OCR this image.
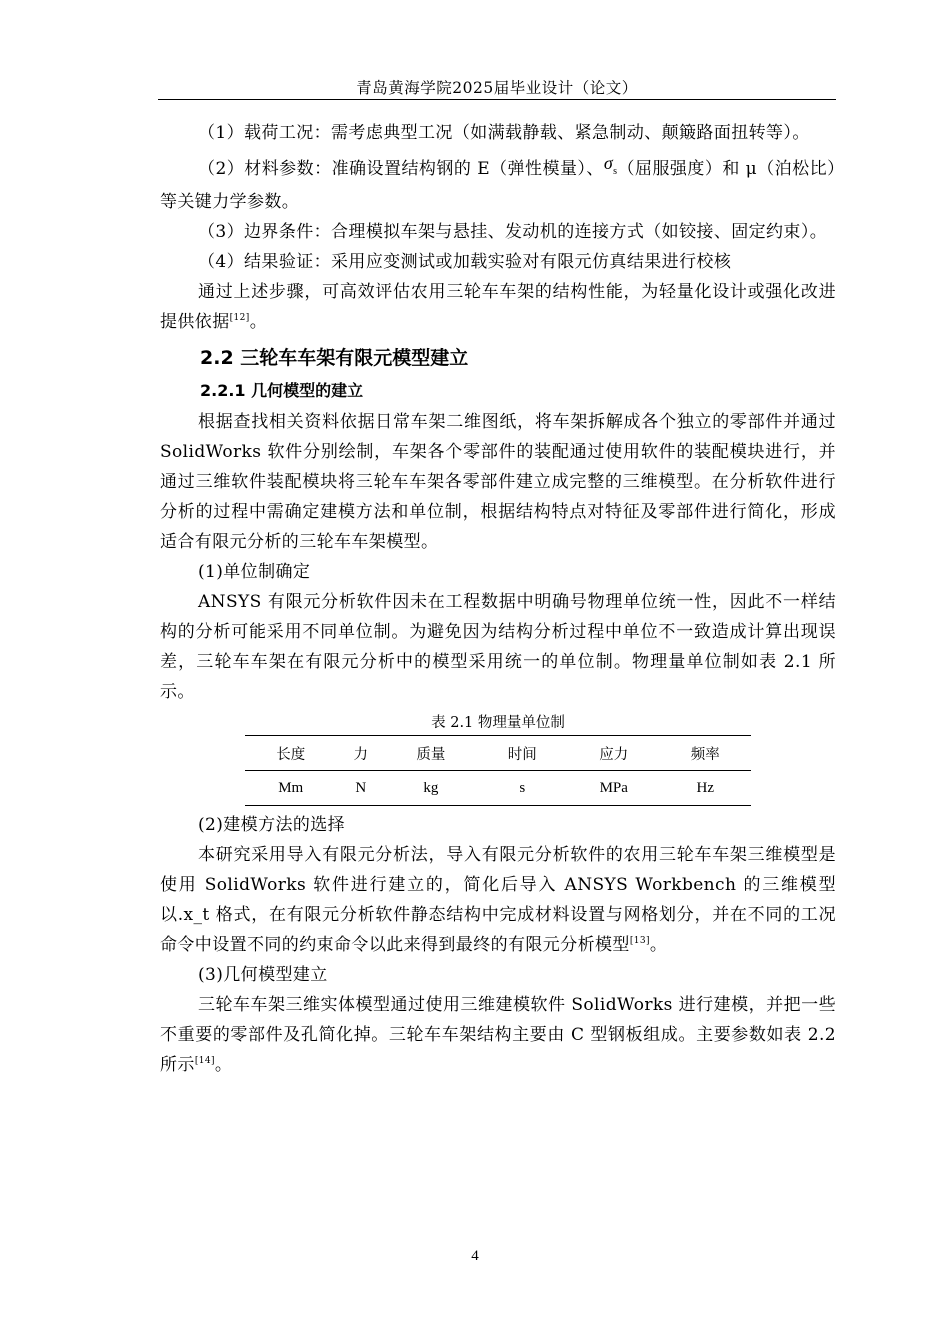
青岛黄海学院2025届毕业设计（论文）

（1）载荷工况：需考虑典型工况（如满载静载、紧急制动、颠簸路面扭转等）。

（2）材料参数：准确设置结构钢的 E（弹性模量）、σs（屈服强度）和 μ（泊松比）等关键力学参数。

（3）边界条件：合理模拟车架与悬挂、发动机的连接方式（如铰接、固定约束）。

（4）结果验证：采用应变测试或加载实验对有限元仿真结果进行校核

通过上述步骤，可高效评估农用三轮车车架的结构性能，为轻量化设计或强化改进提供依据[12]。

2.2 三轮车车架有限元模型建立
2.2.1 几何模型的建立

根据查找相关资料依据日常车架二维图纸，将车架拆解成各个独立的零部件并通过 SolidWorks 软件分别绘制，车架各个零部件的装配通过使用软件的装配模块进行，并通过三维软件装配模块将三轮车车架各零部件建立成完整的三维模型。在分析软件进行分析的过程中需确定建模方法和单位制，根据结构特点对特征及零部件进行简化，形成适合有限元分析的三轮车车架模型。

(1)单位制确定

ANSYS 有限元分析软件因未在工程数据中明确号物理单位统一性，因此不一样结构的分析可能采用不同单位制。为避免因为结构分析过程中单位不一致造成计算出现误差，三轮车车架在有限元分析中的模型采用统一的单位制。物理量单位制如表 2.1 所示。

表 2.1 物理量单位制
长度	力	质量	时间	应力	频率
Mm	N	kg	s	MPa	Hz

(2)建模方法的选择

本研究采用导入有限元分析法，导入有限元分析软件的农用三轮车车架三维模型是使用 SolidWorks 软件进行建立的，简化后导入 ANSYS Workbench 的三维模型以.x_t 格式，在有限元分析软件静态结构中完成材料设置与网格划分，并在不同的工况命令中设置不同的约束命令以此来得到最终的有限元分析模型[13]。

(3)几何模型建立

三轮车车架三维实体模型通过使用三维建模软件 SolidWorks 进行建模，并把一些不重要的零部件及孔简化掉。三轮车车架结构主要由 C 型钢板组成。主要参数如表 2.2 所示[14]。

4
